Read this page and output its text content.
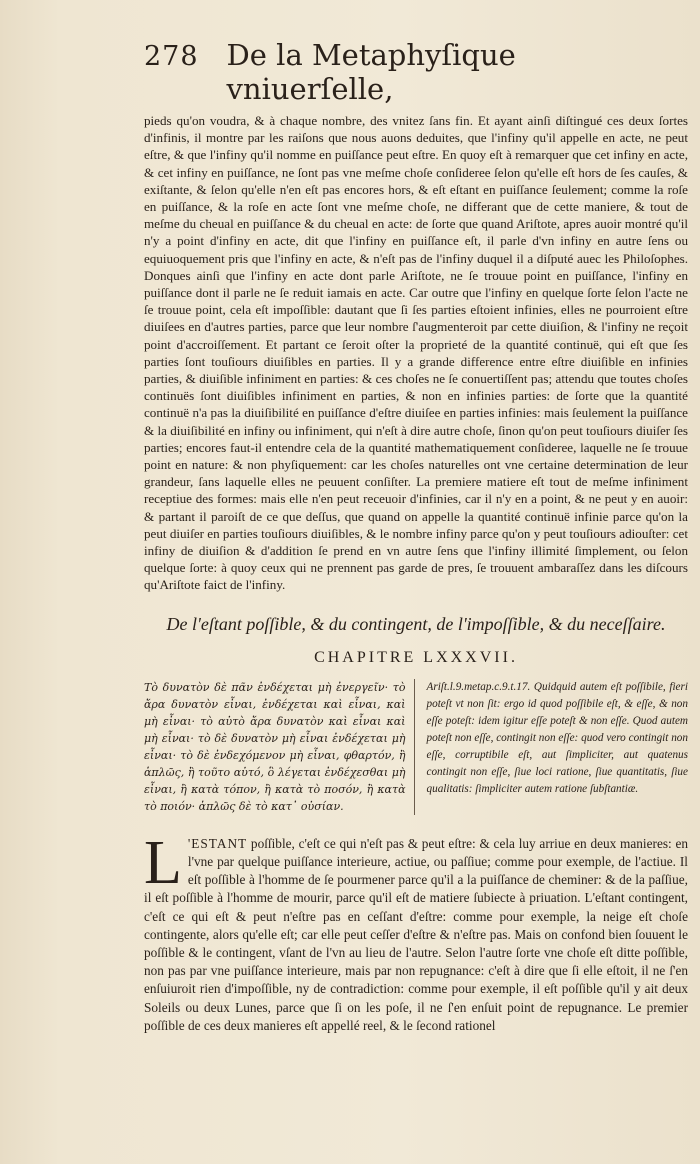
278 De la Metaphyſique vniuerſelle,

pieds qu'on voudra, & à chaque nombre, des vnitez ſans fin. Et ayant ainſi diſtingué ces deux ſortes d'infinis, il montre par les raiſons que nous auons deduites, que l'infiny qu'il appelle en acte, ne peut eſtre, & que l'infiny qu'il nomme en puiſſance peut eſtre. En quoy eſt à remarquer que cet infiny en acte, & cet infiny en puiſſance, ne ſont pas vne meſme choſe conſideree ſelon qu'elle eſt hors de ſes cauſes, & exiſtante, & ſelon qu'elle n'en eſt pas encores hors, & eſt eſtant en puiſſance ſeulement; comme la roſe en puiſſance, & la roſe en acte ſont vne meſme choſe, ne differant que de cette maniere, & tout de meſme du cheual en puiſſance & du cheual en acte: de ſorte que quand Ariſtote, apres auoir montré qu'il n'y a point d'infiny en acte, dit que l'infiny en puiſſance eſt, il parle d'vn infiny en autre ſens ou equiuoquement pris que l'infiny en acte, & n'eſt pas de l'infiny duquel il a diſputé auec les Philoſophes. Donques ainſi que l'infiny en acte dont parle Ariſtote, ne ſe trouue point en puiſſance, l'infiny en puiſſance dont il parle ne ſe reduit iamais en acte. Car outre que l'infiny en quelque ſorte ſelon l'acte ne ſe trouue point, cela eſt impoſſible: dautant que ſi ſes parties eſtoient infinies, elles ne pourroient eſtre diuiſees en d'autres parties, parce que leur nombre ſ'augmenteroit par cette diuiſion, & l'infiny ne reçoit point d'accroiſſement. Et partant ce ſeroit oſter la proprieté de la quantité continuë, qui eſt que ſes parties ſont touſiours diuiſibles en parties. Il y a grande difference entre eſtre diuiſible en infinies parties, & diuiſible infiniment en parties: & ces choſes ne ſe conuertiſſent pas; attendu que toutes choſes continuës ſont diuiſibles infiniment en parties, & non en infinies parties: de ſorte que la quantité continuë n'a pas la diuiſibilité en puiſſance d'eſtre diuiſee en parties infinies: mais ſeulement la puiſſance & la diuiſibilité en infiny ou infiniment, qui n'eſt à dire autre choſe, ſinon qu'on peut touſiours diuiſer ſes parties; encores faut-il entendre cela de la quantité mathematiquement conſideree, laquelle ne ſe trouue point en nature: & non phyſiquement: car les choſes naturelles ont vne certaine determination de leur grandeur, ſans laquelle elles ne peuuent conſiſter. La premiere matiere eſt tout de meſme infiniment receptiue des formes: mais elle n'en peut receuoir d'infinies, car il n'y en a point, & ne peut y en auoir: & partant il paroiſt de ce que deſſus, que quand on appelle la quantité continuë infinie parce qu'on la peut diuiſer en parties touſiours diuiſibles, & le nombre infiny parce qu'on y peut touſiours adiouſter: cet infiny de diuiſion & d'addition ſe prend en vn autre ſens que l'infiny illimité ſimplement, ou ſelon quelque ſorte: à quoy ceux qui ne prennent pas garde de pres, ſe trouuent ambaraſſez dans les diſcours qu'Ariſtote faict de l'infiny.

De l'eſtant poſſible, & du contingent, de l'impoſſible, & du neceſſaire.
CHAPITRE LXXXVII.
Τὸ δυνατὸν δὲ πᾶν ἐνδέχεται μὴ ἐνεργεῖν· τὸ ἄρα δυνατὸν εἶναι, ἐνδέχεται καὶ εἶναι, καὶ μὴ εἶναι· τὸ αὐτὸ ἄρα δυνατὸν καὶ εἶναι καὶ μὴ εἶναι· τὸ δὲ δυνατὸν μὴ εἶναι ἐνδέχεται μὴ εἶναι· τὸ δὲ ἐνδεχόμενον μὴ εἶναι, φθαρτόν, ἢ ἁπλῶς, ἢ τοῦτο αὐτό, ὃ λέγεται ἐνδέχεσθαι μὴ εἶναι, ἢ κατὰ τόπον, ἢ κατὰ τὸ ποσόν, ἢ κατὰ τὸ ποιόν· ἁπλῶς δὲ τὸ κατ᾽ οὐσίαν.
Ariſt.l.9.metap.c.9.t.17. Quidquid autem eſt poſſibile, fieri poteſt vt non ſit: ergo id quod poſſibile eſt, & eſſe, & non eſſe poteſt: idem igitur eſſe poteſt & non eſſe. Quod autem poteſt non eſſe, contingit non eſſe: quod vero contingit non eſſe, corruptibile eſt, aut ſimpliciter, aut quatenus contingit non eſſe, ſiue loci ratione, ſiue quantitatis, ſiue qualitatis: ſimpliciter autem ratione ſubſtantiæ.
L 'ESTANT poſſible, c'eſt ce qui n'eſt pas & peut eſtre: & cela luy arriue en deux manieres: en l'vne par quelque puiſſance interieure, actiue, ou paſſiue; comme pour exemple, de l'actiue. Il eſt poſſible à l'homme de ſe pourmener parce qu'il a la puiſſance de cheminer: & de la paſſiue, il eſt poſſible à l'homme de mourir, parce qu'il eſt de matiere ſubiecte à priuation. L'eſtant contingent, c'eſt ce qui eſt & peut n'eſtre pas en ceſſant d'eſtre: comme pour exemple, la neige eſt choſe contingente, alors qu'elle eſt; car elle peut ceſſer d'eſtre & n'eſtre pas. Mais on confond bien ſouuent le poſſible & le contingent, vſant de l'vn au lieu de l'autre. Selon l'autre ſorte vne choſe eſt ditte poſſible, non pas par vne puiſſance interieure, mais par non repugnance: c'eſt à dire que ſi elle eſtoit, il ne ſ'en enſuiuroit rien d'impoſſible, ny de contradiction: comme pour exemple, il eſt poſſible qu'il y ait deux Soleils ou deux Lunes, parce que ſi on les poſe, il ne ſ'en enſuit point de repugnance. Le premier poſſible de ces deux manieres eſt appellé reel, & le ſecond rationel
